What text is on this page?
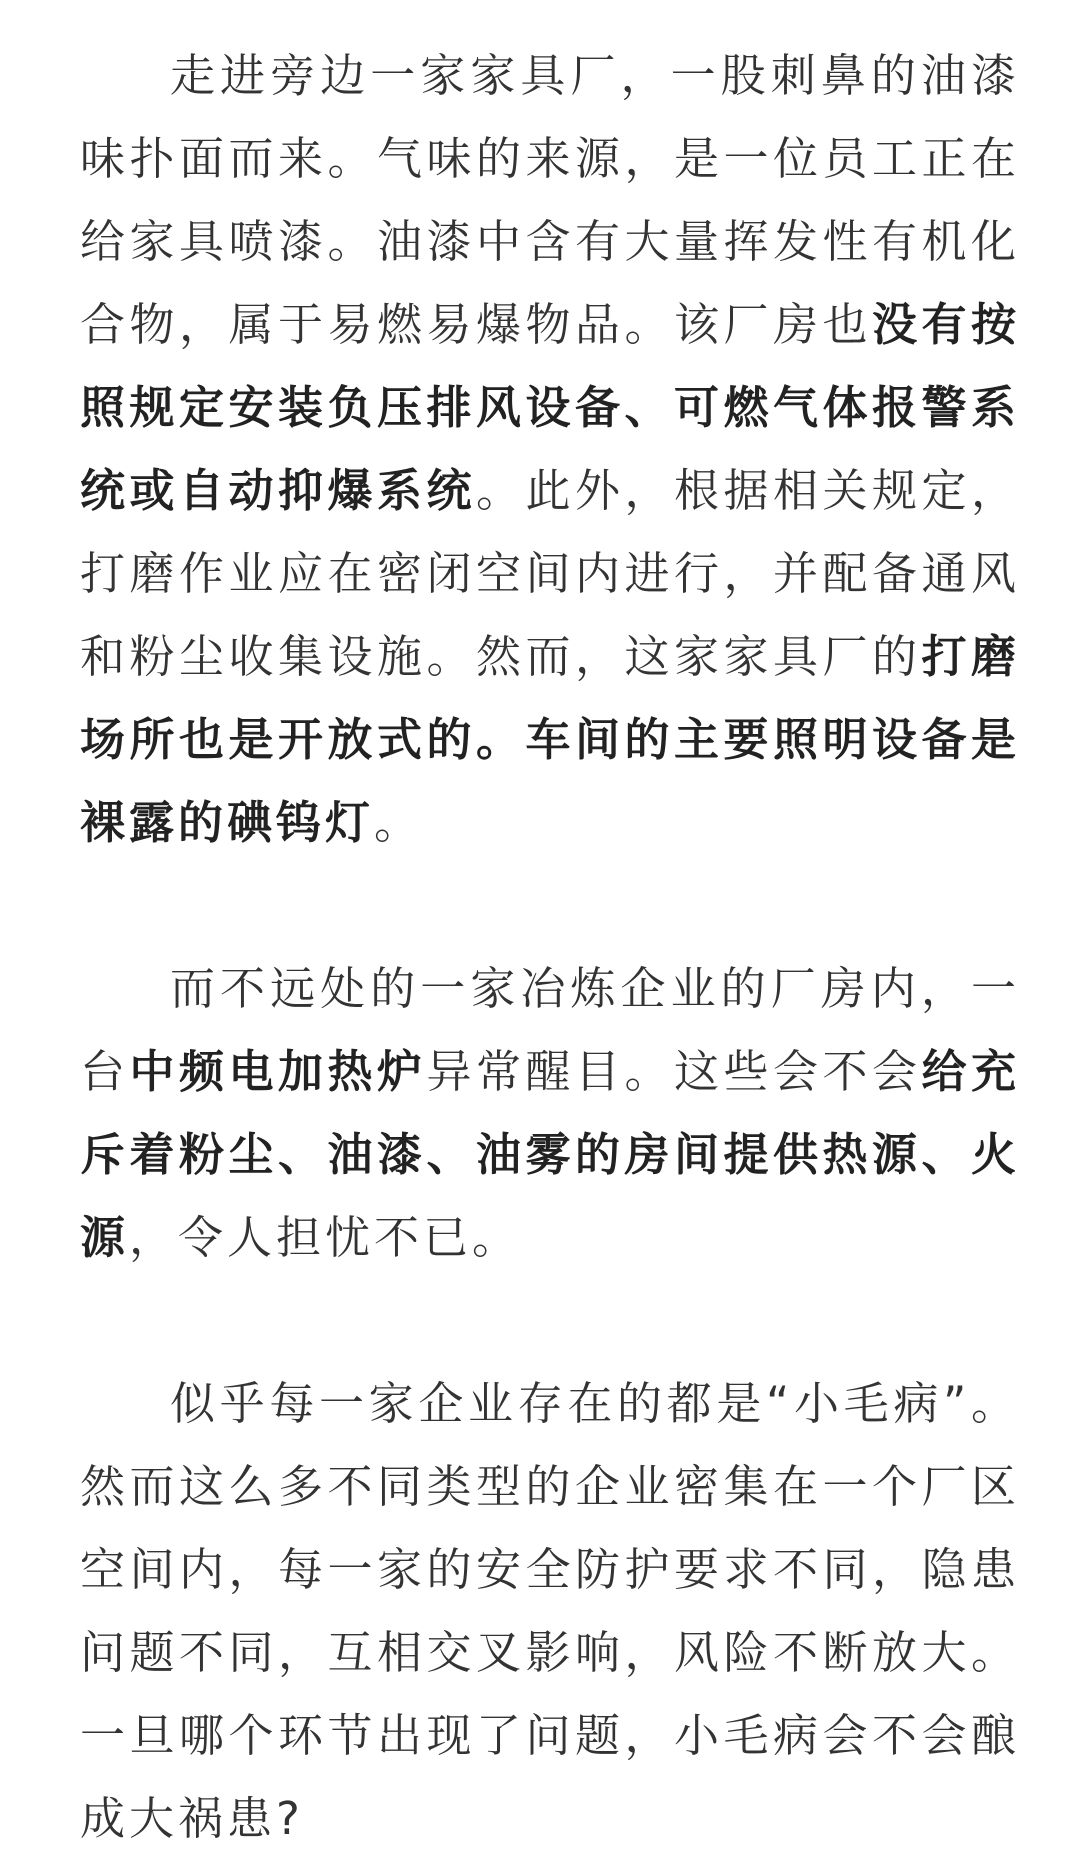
走进旁边一家家具厂，一股刺鼻的油漆味扑面而来。气味的来源，是一位员工正在给家具喷漆。油漆中含有大量挥发性有机化合物，属于易燃易爆物品。该厂房也没有按照规定安装负压排风设备、可燃气体报警系统或自动抑爆系统。此外，根据相关规定，打磨作业应在密闭空间内进行，并配备通风和粉尘收集设施。然而，这家家具厂的打磨场所也是开放式的。车间的主要照明设备是裸露的碘钨灯。

而不远处的一家冶炼企业的厂房内，一台中频电加热炉异常醒目。这些会不会给充斥着粉尘、油漆、油雾的房间提供热源、火源，令人担忧不已。

似乎每一家企业存在的都是“小毛病”。然而这么多不同类型的企业密集在一个厂区空间内，每一家的安全防护要求不同，隐患问题不同，互相交叉影响，风险不断放大。一旦哪个环节出现了问题，小毛病会不会酿成大祸患?
